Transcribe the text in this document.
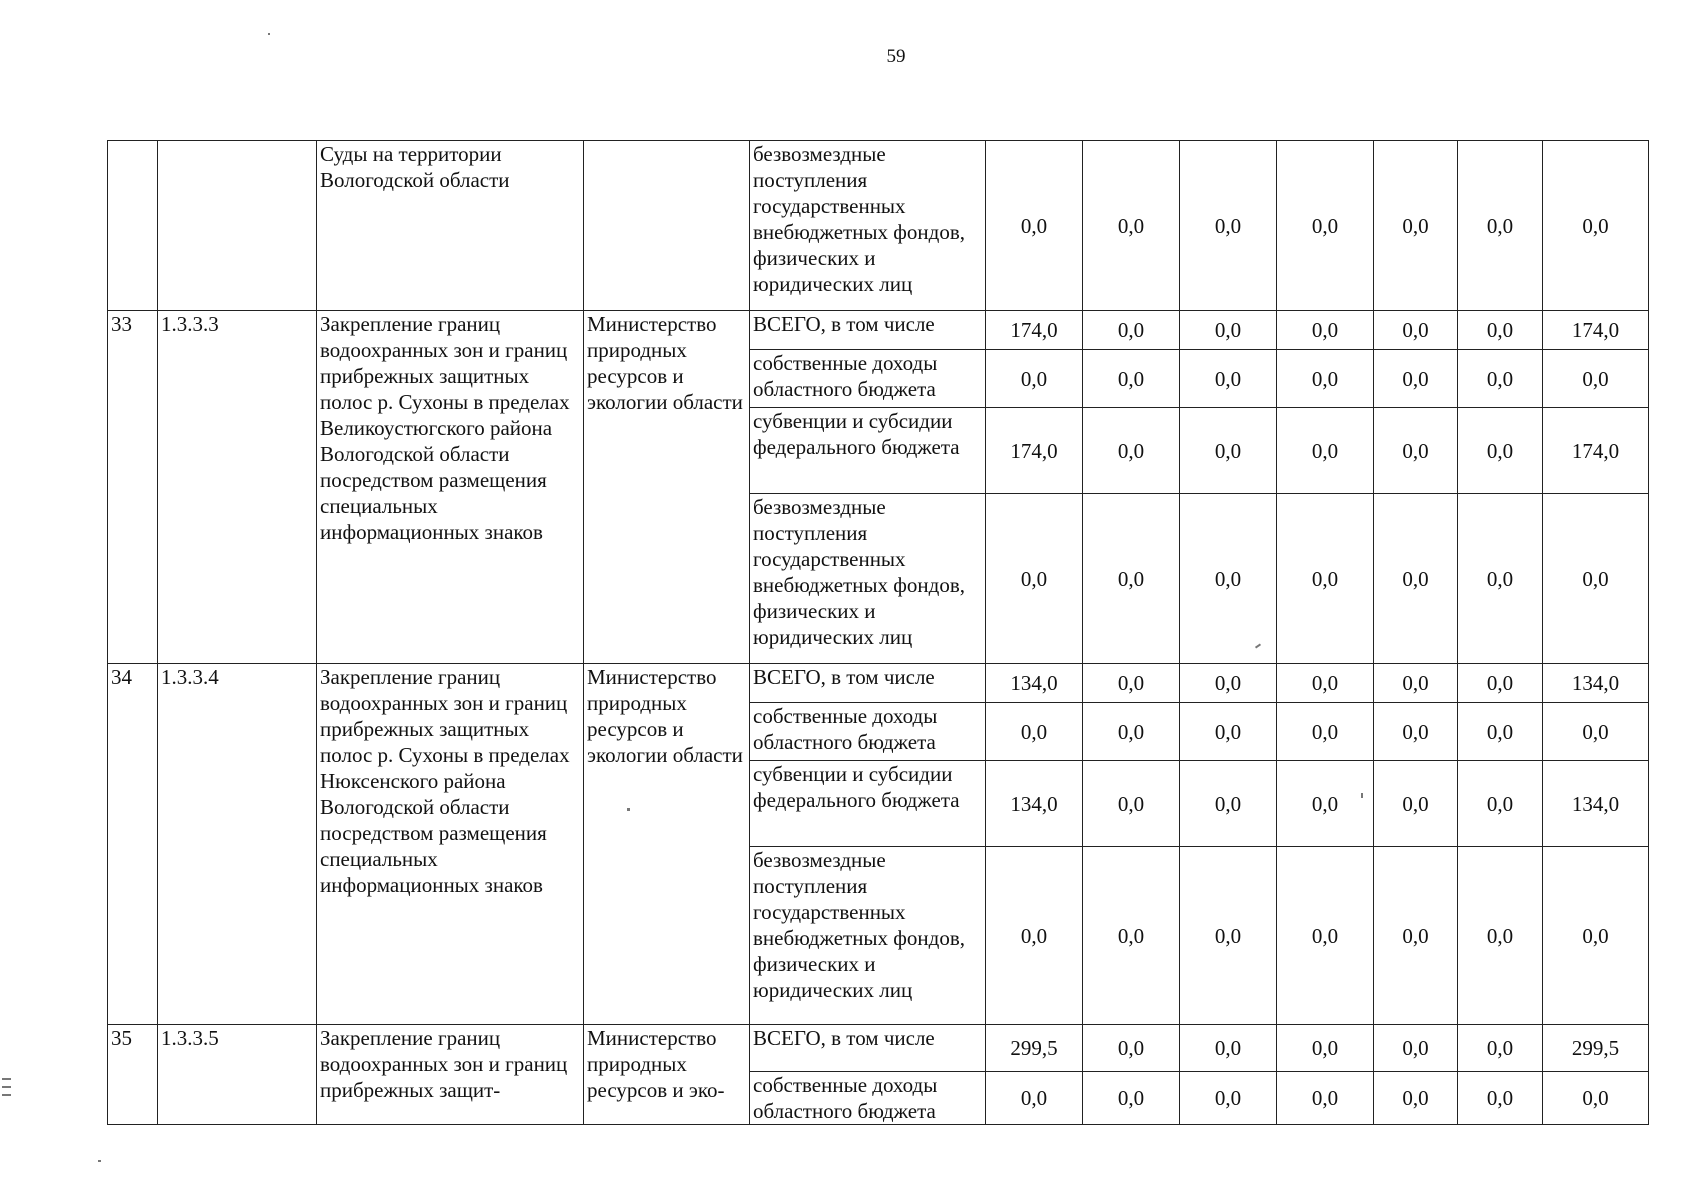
59
		Суды на территории Вологодской области		безвозмездные поступления государственных внебюджетных фондов, физических и юридических лиц	0,0	0,0	0,0	0,0	0,0	0,0	0,0
33	1.3.3.3	Закрепление границ водоохранных зон и границ прибрежных защитных полос р. Сухоны в пределах Великоустюгского района Вологодской области посредством размещения специальных информационных знаков	Министерство природных ресурсов и экологии области	ВСЕГО, в том числе	174,0	0,0	0,0	0,0	0,0	0,0	174,0
				собственные доходы областного бюджета	0,0	0,0	0,0	0,0	0,0	0,0	0,0
				субвенции и субсидии федерального бюджета	174,0	0,0	0,0	0,0	0,0	0,0	174,0
				безвозмездные поступления государственных внебюджетных фондов, физических и юридических лиц	0,0	0,0	0,0	0,0	0,0	0,0	0,0
34	1.3.3.4	Закрепление границ водоохранных зон и границ прибрежных защитных полос р. Сухоны в пределах Нюксенского района Вологодской области посредством размещения специальных информационных знаков	Министерство природных ресурсов и экологии области	ВСЕГО, в том числе	134,0	0,0	0,0	0,0	0,0	0,0	134,0
				собственные доходы областного бюджета	0,0	0,0	0,0	0,0	0,0	0,0	0,0
				субвенции и субсидии федерального бюджета	134,0	0,0	0,0	0,0	0,0	0,0	134,0
				безвозмездные поступления государственных внебюджетных фондов, физических и юридических лиц	0,0	0,0	0,0	0,0	0,0	0,0	0,0
35	1.3.3.5	Закрепление границ водоохранных зон и границ прибрежных защит-	Министерство природных ресурсов и эко-	ВСЕГО, в том числе	299,5	0,0	0,0	0,0	0,0	0,0	299,5
				собственные доходы областного бюджета	0,0	0,0	0,0	0,0	0,0	0,0	0,0
